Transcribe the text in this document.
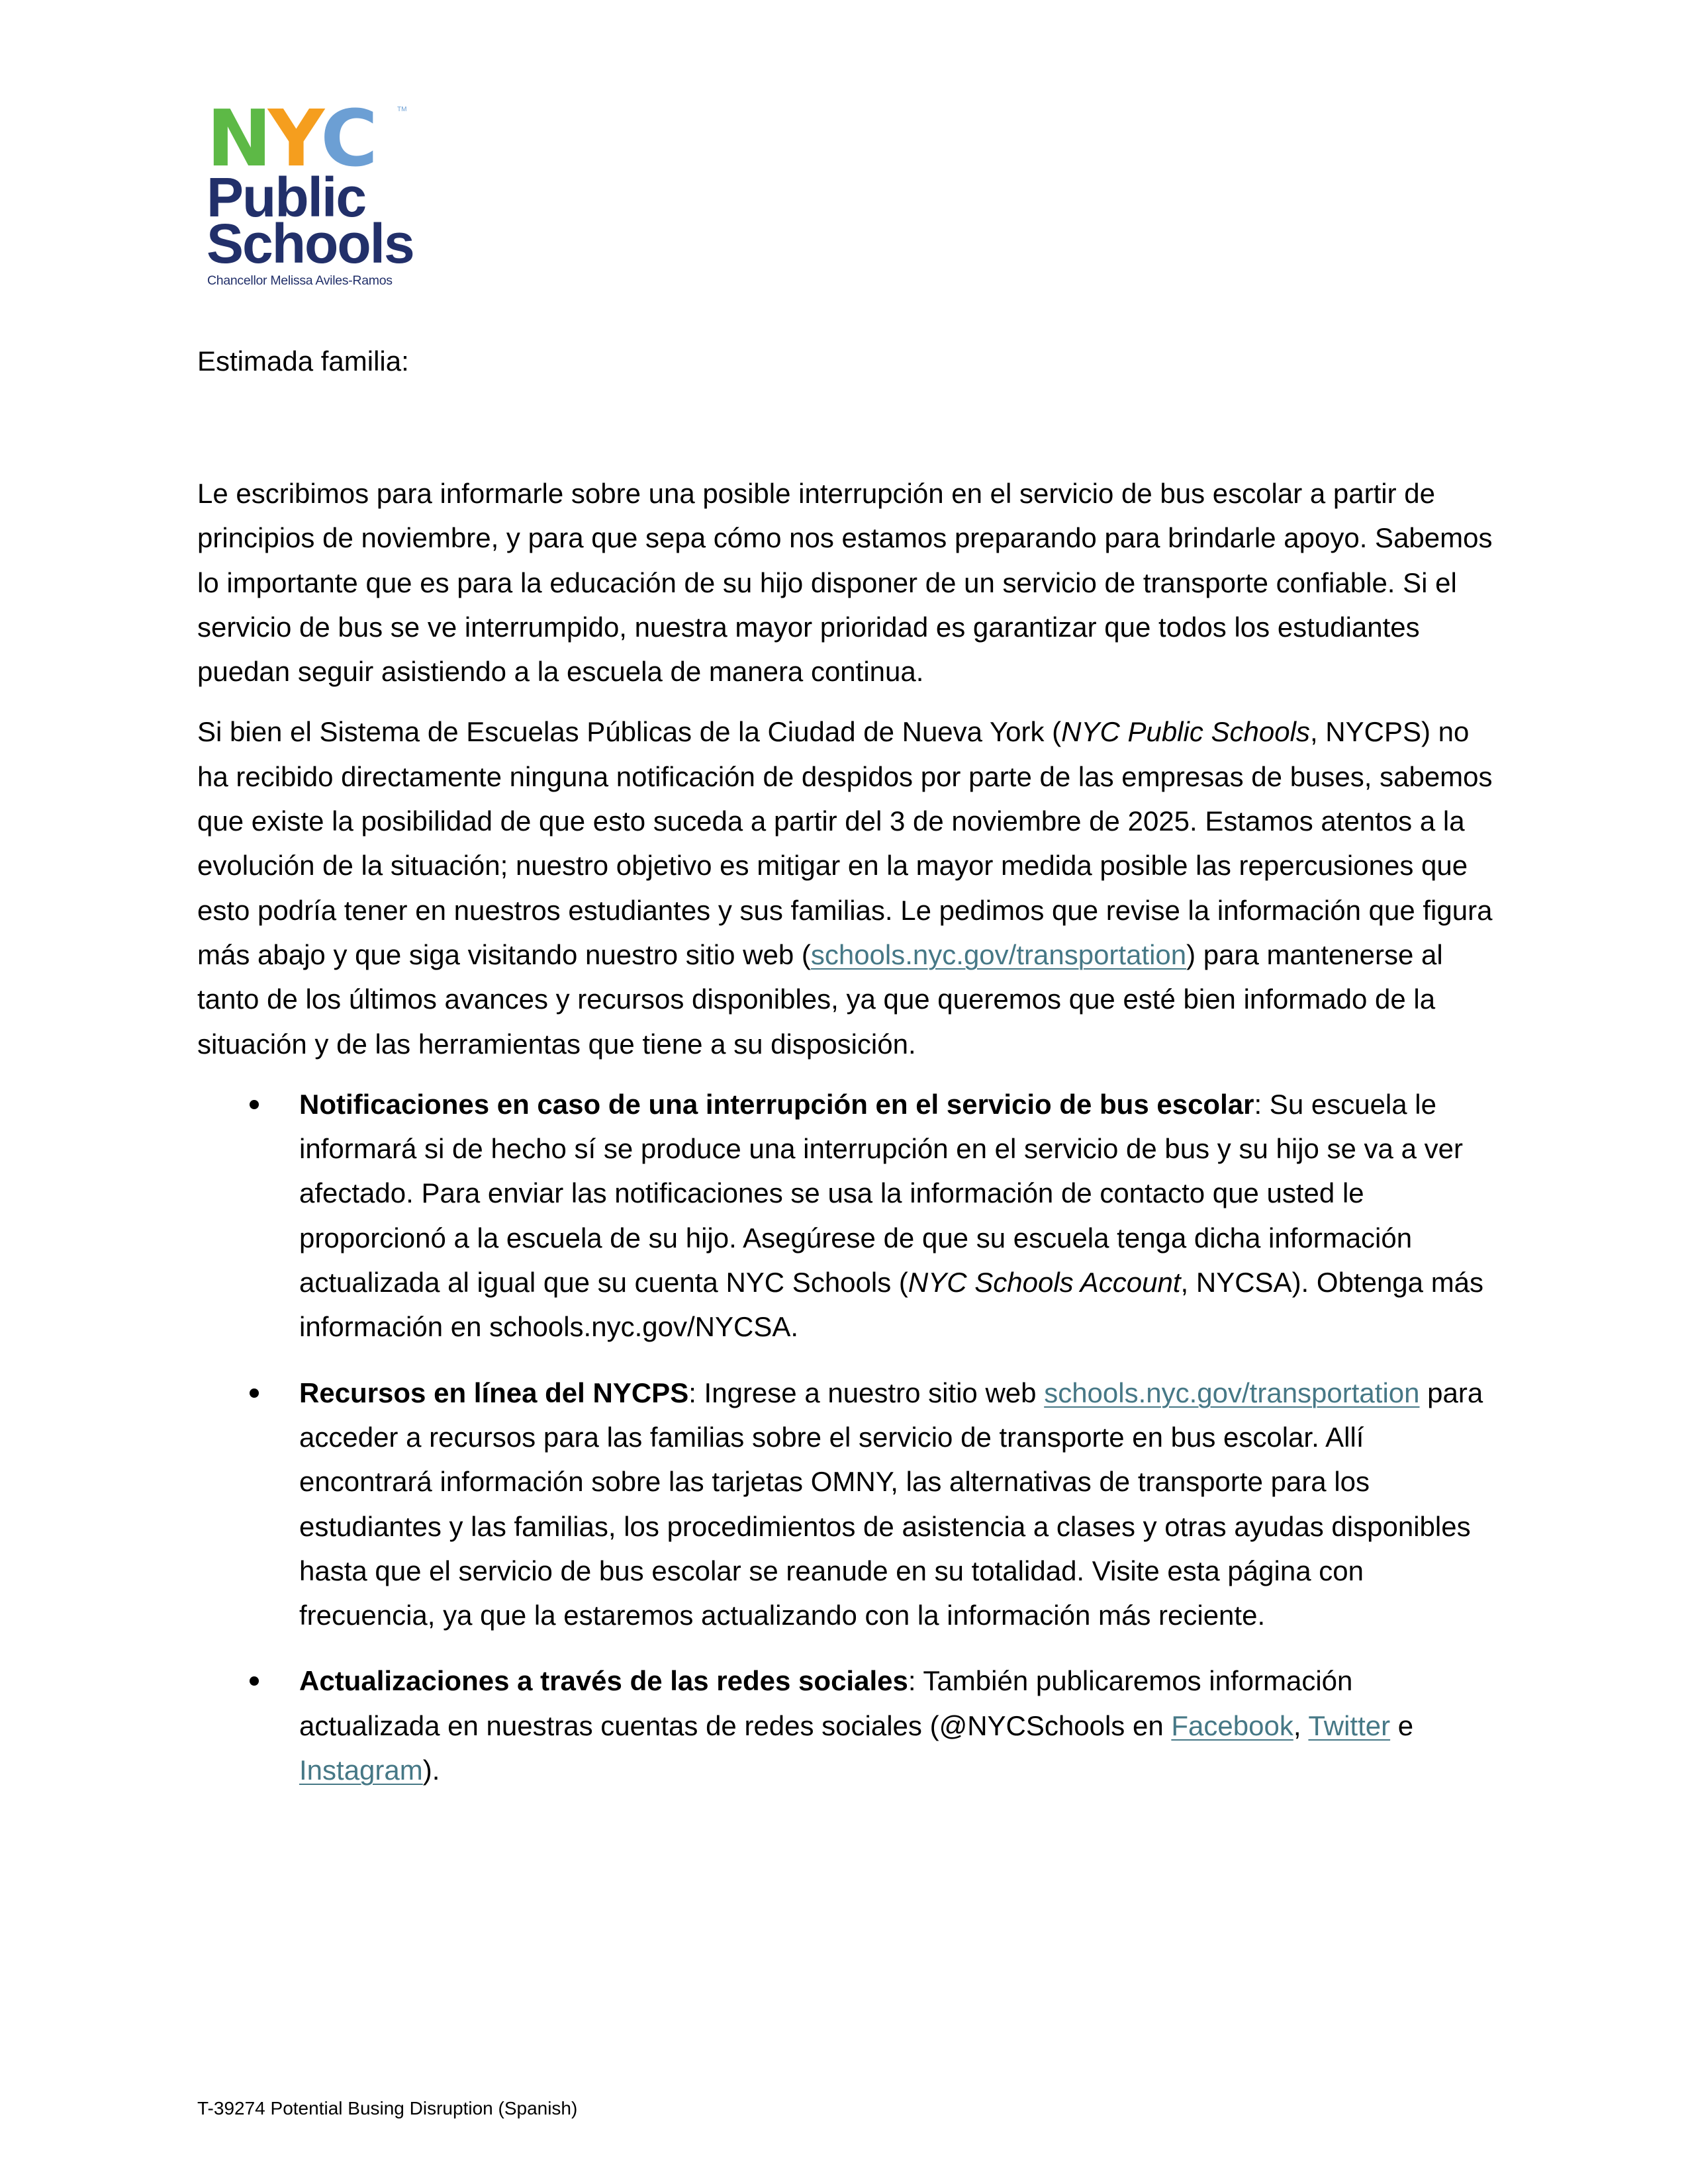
N Y C	TM
Public
Schools
Chancellor Melissa Aviles-Ramos

Estimada familia:

Le escribimos para informarle sobre una posible interrupción en el servicio de bus escolar a partir de principios de noviembre, y para que sepa cómo nos estamos preparando para brindarle apoyo. Sabemos lo importante que es para la educación de su hijo disponer de un servicio de transporte confiable. Si el servicio de bus se ve interrumpido, nuestra mayor prioridad es garantizar que todos los estudiantes puedan seguir asistiendo a la escuela de manera continua.

Si bien el Sistema de Escuelas Públicas de la Ciudad de Nueva York (NYC Public Schools, NYCPS) no ha recibido directamente ninguna notificación de despidos por parte de las empresas de buses, sabemos que existe la posibilidad de que esto suceda a partir del 3 de noviembre de 2025. Estamos atentos a la evolución de la situación; nuestro objetivo es mitigar en la mayor medida posible las repercusiones que esto podría tener en nuestros estudiantes y sus familias. Le pedimos que revise la información que figura más abajo y que siga visitando nuestro sitio web (schools.nyc.gov/transportation) para mantenerse al tanto de los últimos avances y recursos disponibles, ya que queremos que esté bien informado de la situación y de las herramientas que tiene a su disposición.

Notificaciones en caso de una interrupción en el servicio de bus escolar: Su escuela le informará si de hecho sí se produce una interrupción en el servicio de bus y su hijo se va a ver afectado. Para enviar las notificaciones se usa la información de contacto que usted le proporcionó a la escuela de su hijo. Asegúrese de que su escuela tenga dicha información actualizada al igual que su cuenta NYC Schools (NYC Schools Account, NYCSA). Obtenga más información en schools.nyc.gov/NYCSA.
Recursos en línea del NYCPS: Ingrese a nuestro sitio web schools.nyc.gov/transportation para acceder a recursos para las familias sobre el servicio de transporte en bus escolar. Allí encontrará información sobre las tarjetas OMNY, las alternativas de transporte para los estudiantes y las familias, los procedimientos de asistencia a clases y otras ayudas disponibles hasta que el servicio de bus escolar se reanude en su totalidad. Visite esta página con frecuencia, ya que la estaremos actualizando con la información más reciente.
Actualizaciones a través de las redes sociales: También publicaremos información actualizada en nuestras cuentas de redes sociales (@NYCSchools en Facebook, Twitter e Instagram).
T-39274 Potential Busing Disruption (Spanish)
